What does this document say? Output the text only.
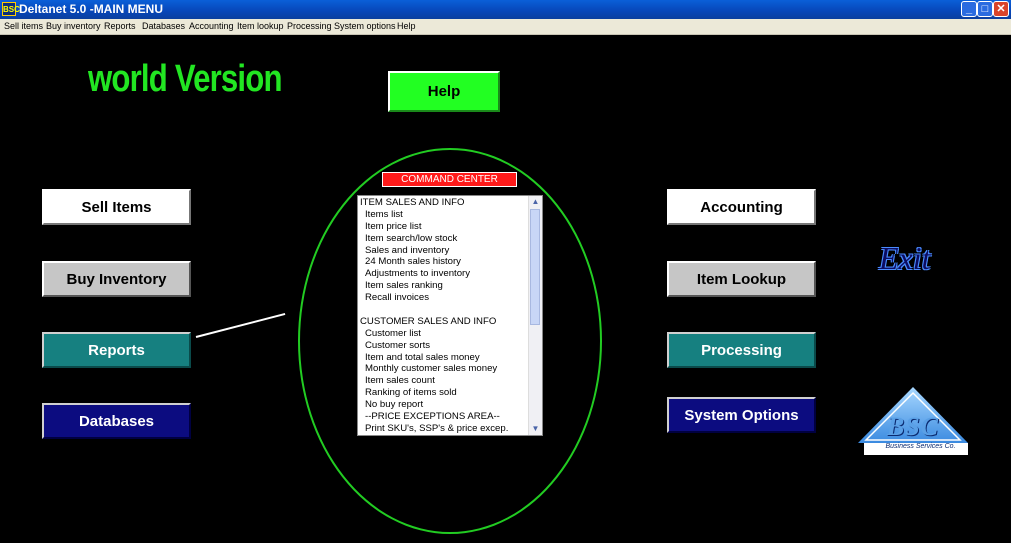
BSC Deltanet 5.0 -MAIN MENU	_ □ ✕
Sell items Buy inventory Reports Databases Accounting Item lookup Processing System options Help
world Version	Help
Sell Items
Buy Inventory
Reports
Databases
Accounting
Item Lookup
Processing
System Options
COMMAND CENTER
ITEM SALES AND INFO
Items list
Item price list
Item search/low stock
Sales and inventory
24 Month sales history
Adjustments to inventory
Item sales ranking
Recall invoices
CUSTOMER SALES AND INFO
Customer list
Customer sorts
Item and total sales money
Monthly customer sales money
Item sales count
Ranking of items sold
No buy report
--PRICE EXCEPTIONS AREA--
Print SKU's, SSP's & price excep.
▲
▼
Exit
BSC
Business Services Co.
